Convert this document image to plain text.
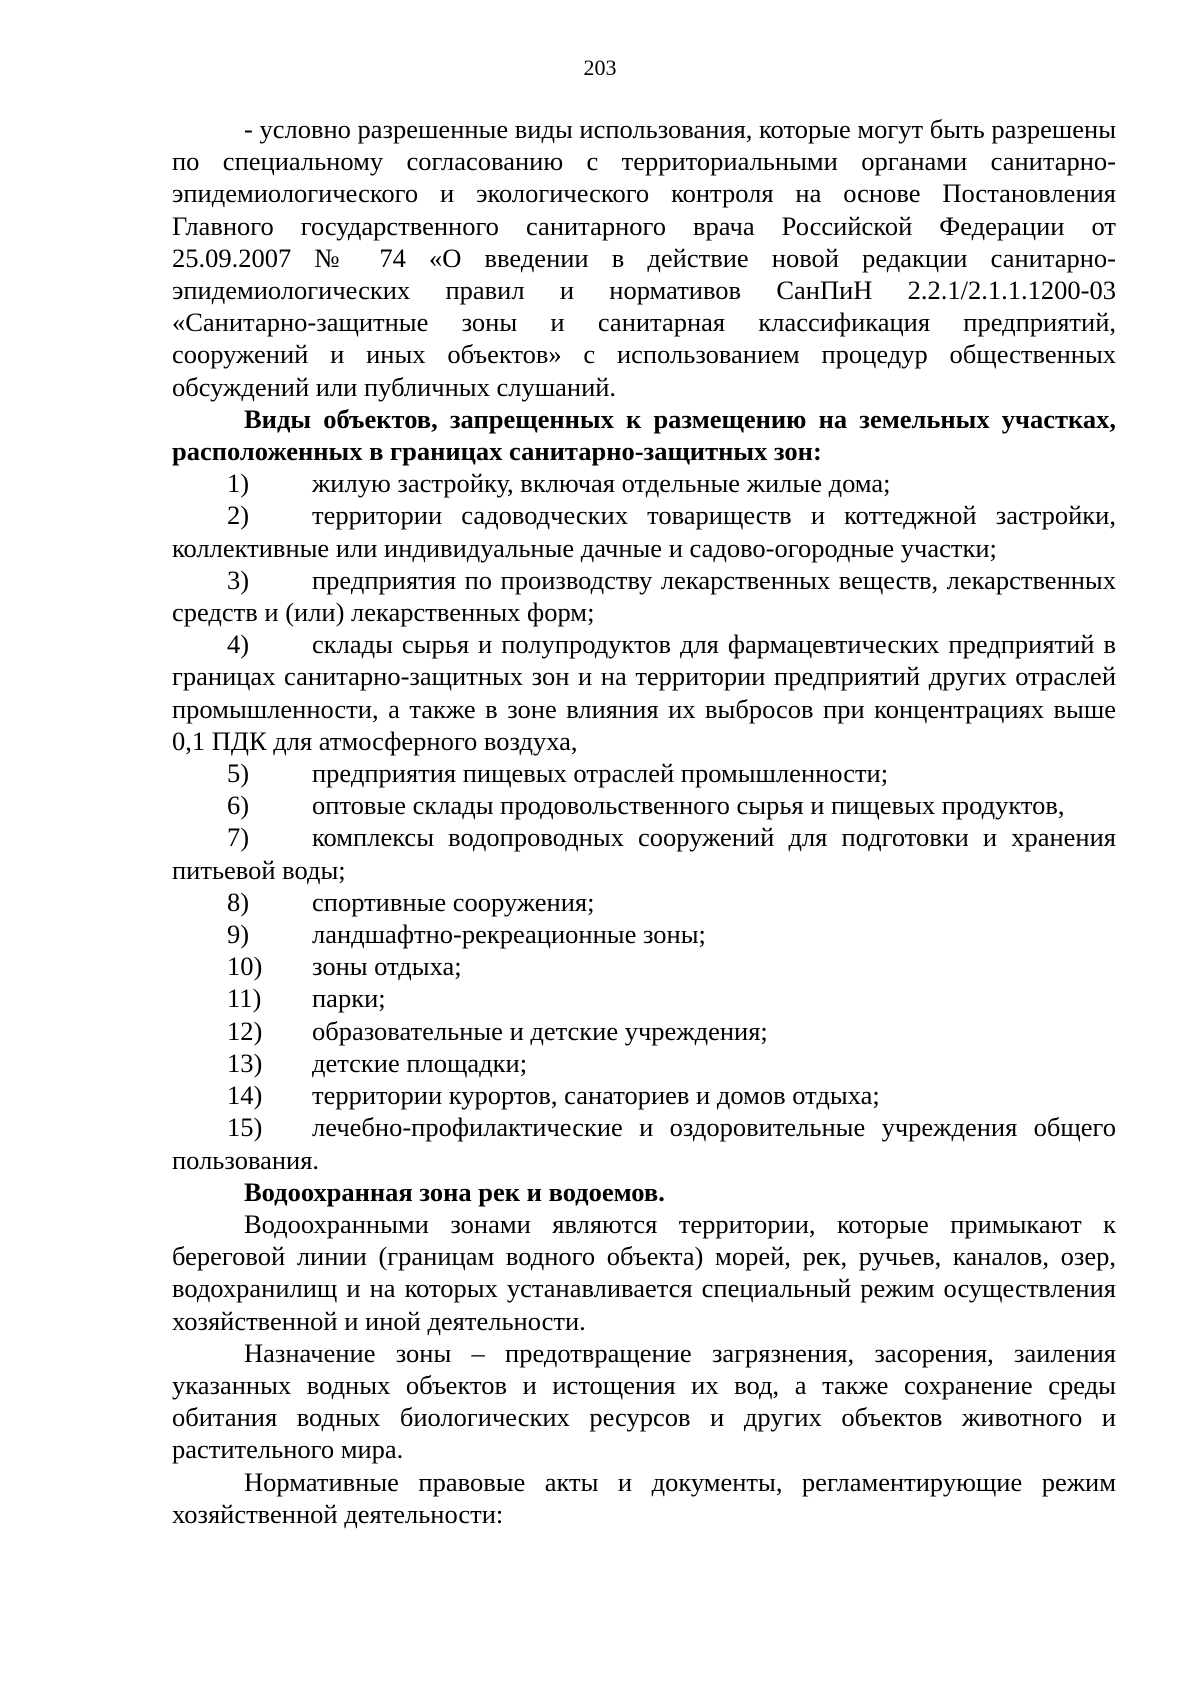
203

- условно разрешенные виды использования, которые могут быть разрешены по специальному согласованию с территориальными органами санитарно-эпидемиологического и экологического контроля на основе Постановления Главного государственного санитарного врача Российской Федерации от 25.09.2007 № 74 «О введении в действие новой редакции санитарно-эпидемиологических правил и нормативов СанПиН 2.2.1/2.1.1.1200-03 «Санитарно-защитные зоны и санитарная классификация предприятий, сооружений и иных объектов» с использованием процедур общественных обсуждений или публичных слушаний.

Виды объектов, запрещенных к размещению на земельных участках, расположенных в границах санитарно-защитных зон:

1) жилую застройку, включая отдельные жилые дома;

2) территории садоводческих товариществ и коттеджной застройки, коллективные или индивидуальные дачные и садово-огородные участки;

3) предприятия по производству лекарственных веществ, лекарственных средств и (или) лекарственных форм;

4) склады сырья и полупродуктов для фармацевтических предприятий в границах санитарно-защитных зон и на территории предприятий других отраслей промышленности, а также в зоне влияния их выбросов при концентрациях выше 0,1 ПДК для атмосферного воздуха,

5) предприятия пищевых отраслей промышленности;

6) оптовые склады продовольственного сырья и пищевых продуктов,

7) комплексы водопроводных сооружений для подготовки и хранения питьевой воды;

8) спортивные сооружения;

9) ландшафтно-рекреационные зоны;

10) зоны отдыха;

11) парки;

12) образовательные и детские учреждения;

13) детские площадки;

14) территории курортов, санаториев и домов отдыха;

15) лечебно-профилактические и оздоровительные учреждения общего пользования.

Водоохранная зона рек и водоемов.

Водоохранными зонами являются территории, которые примыкают к береговой линии (границам водного объекта) морей, рек, ручьев, каналов, озер, водохранилищ и на которых устанавливается специальный режим осуществления хозяйственной и иной деятельности.

Назначение зоны – предотвращение загрязнения, засорения, заиления указанных водных объектов и истощения их вод, а также сохранение среды обитания водных биологических ресурсов и других объектов животного и растительного мира.

Нормативные правовые акты и документы, регламентирующие режим хозяйственной деятельности:
